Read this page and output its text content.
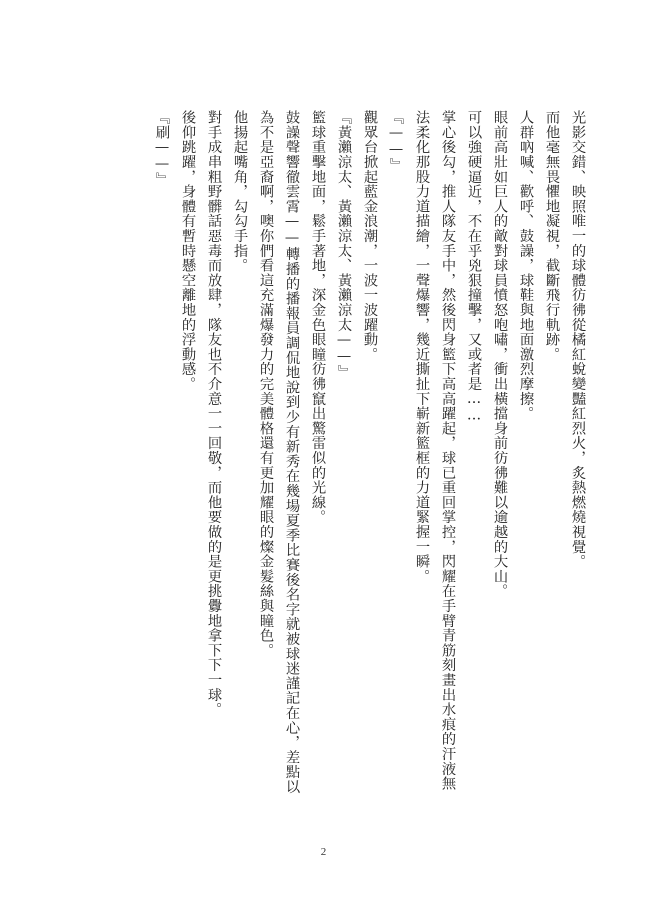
光影交錯、映照唯一的球體彷彿從橘紅蛻變豔紅烈火，炙熱燃燒視覺。

而他毫無畏懼地凝視，截斷飛行軌跡。

人群吶喊、歡呼、鼓譟，球鞋與地面激烈摩擦。

眼前高壯如巨人的敵對球員憤怒咆嘯，衝出橫擋身前彷彿難以逾越的大山。

可以強硬逼近，不在乎兇狠撞擊，又或者是……

掌心後勾，推人隊友手中，然後閃身籃下高高躍起，球已重回掌控，閃耀在手臂青筋刻畫出水痕的汗液無法柔化那股力道描繪，一聲爆響，幾近撕扯下嶄新籃框的力道緊握一瞬。

『——』

觀眾台掀起藍金浪潮，一波一波躍動。

『黃瀨涼太、黃瀨涼太、黃瀨涼太——』

籃球重擊地面，鬆手著地，深金色眼瞳彷彿竄出驚雷似的光線。

鼓譟聲響徹雲霄——轉播的播報員調侃地說到少有新秀在幾場夏季比賽後名字就被球迷謹記在心，差點以為不是亞裔啊，噢你們看這充滿爆發力的完美體格還有更加耀眼的燦金髮絲與瞳色。

他揚起嘴角，勾勾手指。

對手成串粗野髒話惡毒而放肆，隊友也不介意一一回敬，而他要做的是更挑釁地拿下下一球。

後仰跳躍，身體有暫時懸空離地的浮動感。

『刷——』

2
